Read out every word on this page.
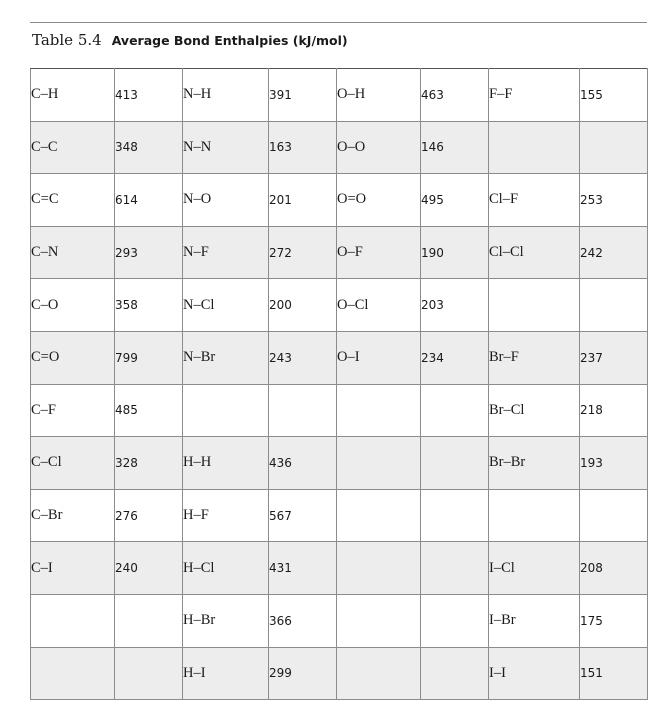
Table 5.4 Average Bond Enthalpies (kJ/mol)
C–H	413	N–H	391	O–H	463	F–F	155
C–C	348	N–N	163	O–O	146		
C=C	614	N–O	201	O=O	495	Cl–F	253
C–N	293	N–F	272	O–F	190	Cl–Cl	242
C–O	358	N–Cl	200	O–Cl	203		
C=O	799	N–Br	243	O–I	234	Br–F	237
C–F	485					Br–Cl	218
C–Cl	328	H–H	436			Br–Br	193
C–Br	276	H–F	567				
C–I	240	H–Cl	431			I–Cl	208
		H–Br	366			I–Br	175
		H–I	299			I–I	151
